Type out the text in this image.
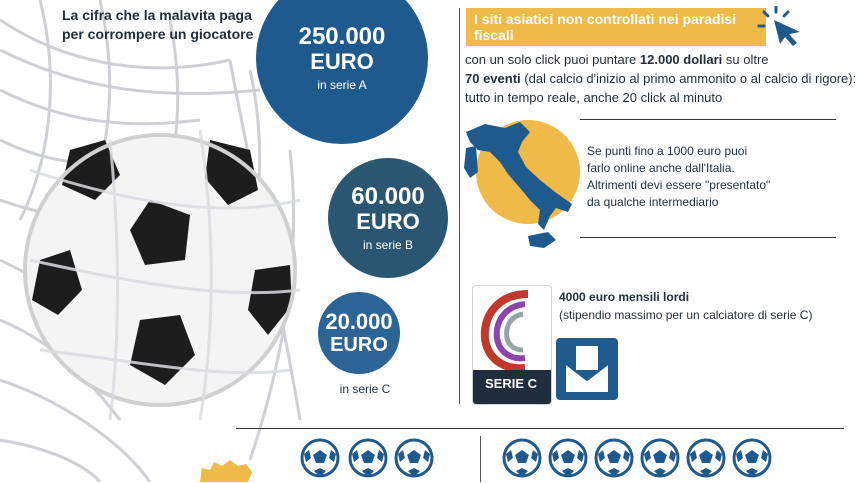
La cifra che la malavita paga
per corrompere un giocatore	250.000
EURO
in serie A
60.000
EURO
in serie B
20.000
EURO
in serie C
I siti asiatici non controllati nei paradisi fiscali
con un solo click puoi puntare 12.000 dollari su oltre
70 eventi (dal calcio d'inizio al primo ammonito o al calcio di rigore):
tutto in tempo reale, anche 20 click al minuto
Se punti fino a 1000 euro puoi
farlo online anche dall'Italia.
Altrimenti devi essere "presentato"
da qualche intermediario
SERIE C
4000 euro mensili lordi
(stipendio massimo per un calciatore di serie C)
